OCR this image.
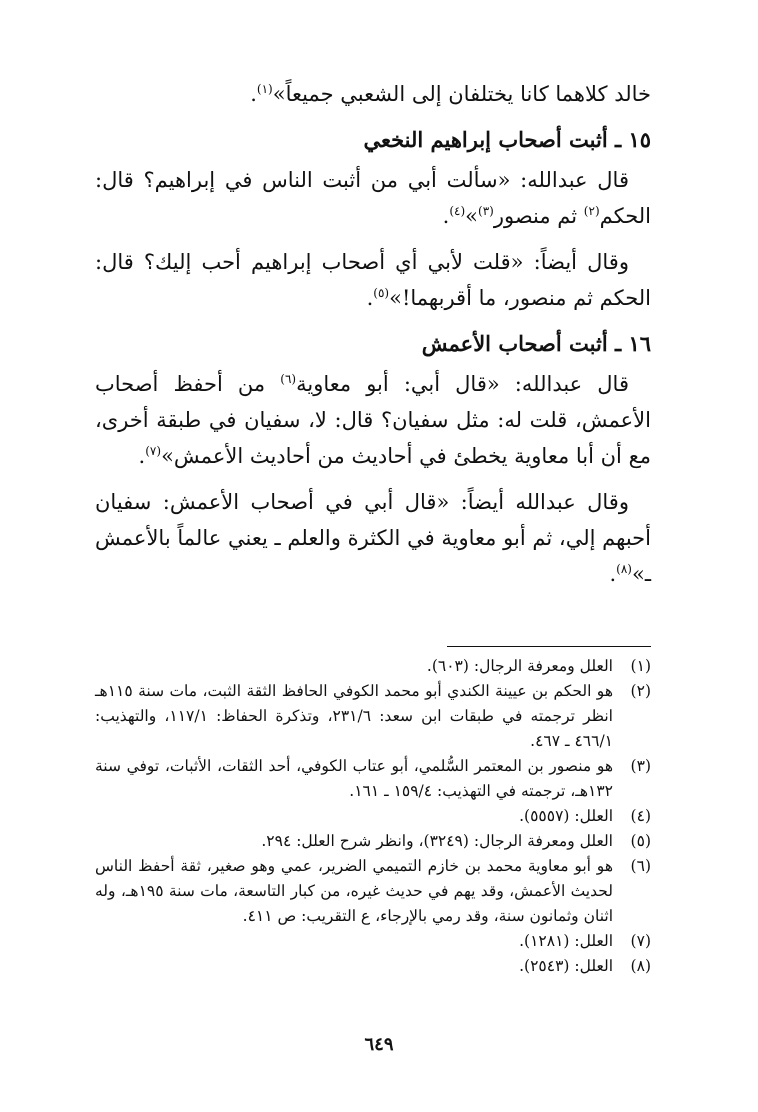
خالد كلاهما كانا يختلفان إلى الشعبي جميعاً»$^{(١)}$.

١٥ ـ أثبت أصحاب إبراهيم النخعي

قال عبدالله: «سألت أبي من أثبت الناس في إبراهيم؟ قال: الحكم$^{(٢)}$ ثم منصور$^{(٣)}$»$^{(٤)}$.

وقال أيضاً: «قلت لأبي أي أصحاب إبراهيم أحب إليك؟ قال: الحكم ثم منصور، ما أقربهما!»$^{(٥)}$.

١٦ ـ أثبت أصحاب الأعمش

قال عبدالله: «قال أبي: أبو معاوية$^{(٦)}$ من أحفظ أصحاب الأعمش، قلت له: مثل سفيان؟ قال: لا، سفيان في طبقة أخرى، مع أن أبا معاوية يخطئ في أحاديث من أحاديث الأعمش»$^{(٧)}$.

وقال عبدالله أيضاً: «قال أبي في أصحاب الأعمش: سفيان أحبهم إلي، ثم أبو معاوية في الكثرة والعلم ـ يعني عالماً بالأعمش ـ»$^{(٨)}$.

(١)
العلل ومعرفة الرجال: (٦٠٣).
(٢)
هو الحكم بن عيينة الكندي أبو محمد الكوفي الحافظ الثقة الثبت، مات سنة ١١٥هـ انظر ترجمته في طبقات ابن سعد: ٢٣١/٦، وتذكرة الحفاظ: ١١٧/١، والتهذيب: ٤٦٦/١ ـ ٤٦٧.
(٣)
هو منصور بن المعتمر السُّلمي، أبو عتاب الكوفي، أحد الثقات، الأثبات، توفي سنة ١٣٢هـ، ترجمته في التهذيب: ١٥٩/٤ ـ ١٦١.
(٤)
العلل: (٥٥٥٧).
(٥)
العلل ومعرفة الرجال: (٣٢٤٩)، وانظر شرح العلل: ٢٩٤.
(٦)
هو أبو معاوية محمد بن خازم التميمي الضرير، عمي وهو صغير، ثقة أحفظ الناس لحديث الأعمش، وقد يهم في حديث غيره، من كبار التاسعة، مات سنة ١٩٥هـ، وله اثنان وثمانون سنة، وقد رمي بالإرجاء، ع التقريب: ص ٤١١.
(٧)
العلل: (١٢٨١).
(٨)
العلل: (٢٥٤٣).
٦٤٩
